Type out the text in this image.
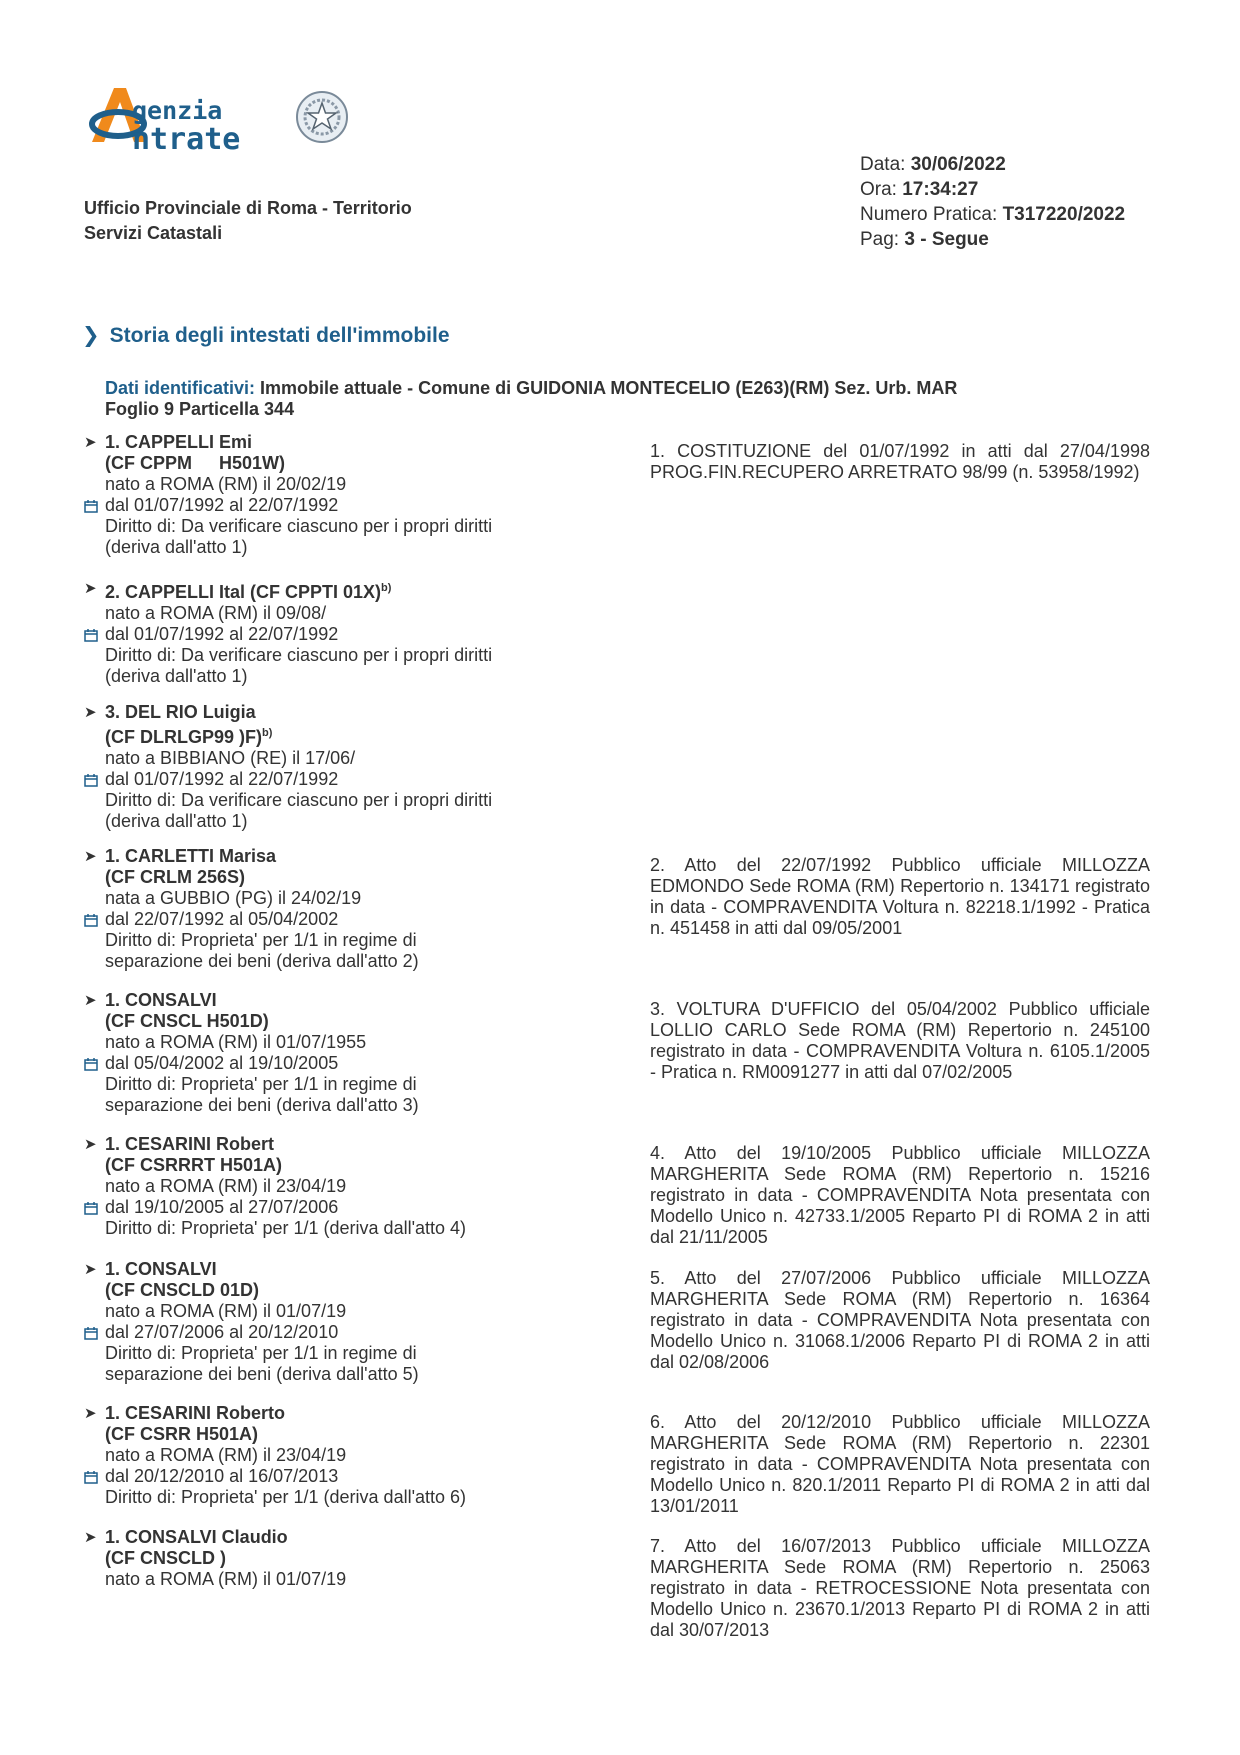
genzia
ntrate
Ufficio Provinciale di Roma - Territorio
Servizi Catastali
Data: 30/06/2022
Ora: 17:34:27
Numero Pratica: T317220/2022
Pag: 3 - Segue
❯ Storia degli intestati dell'immobile
Dati identificativi: Immobile attuale - Comune di GUIDONIA MONTECELIO (E263)(RM) Sez. Urb. MAR
Foglio 9 Particella 344
➤ 1. CAPPELLI Emi
(CF CPPM      H501W)
nato a ROMA (RM) il 20/02/19
dal 01/07/1992 al 22/07/1992
Diritto di: Da verificare ciascuno per i propri diritti
(deriva dall'atto 1)
➤ 2. CAPPELLI Ital (CF CPPTI 01X)$^{b)}$
nato a ROMA (RM) il 09/08/
dal 01/07/1992 al 22/07/1992
Diritto di: Da verificare ciascuno per i propri diritti
(deriva dall'atto 1)
➤ 3. DEL RIO Luigia
(CF DLRLGP99 )F)$^{b)}$
nato a BIBBIANO (RE) il 17/06/
dal 01/07/1992 al 22/07/1992
Diritto di: Da verificare ciascuno per i propri diritti
(deriva dall'atto 1)
➤ 1. CARLETTI Marisa
(CF CRLM 256S)
nata a GUBBIO (PG) il 24/02/19
dal 22/07/1992 al 05/04/2002
Diritto di: Proprieta' per 1/1 in regime di
separazione dei beni (deriva dall'atto 2)
➤ 1. CONSALVI
(CF CNSCL H501D)
nato a ROMA (RM) il 01/07/1955
dal 05/04/2002 al 19/10/2005
Diritto di: Proprieta' per 1/1 in regime di
separazione dei beni (deriva dall'atto 3)
➤ 1. CESARINI Robert
(CF CSRRRT H501A)
nato a ROMA (RM) il 23/04/19
dal 19/10/2005 al 27/07/2006
Diritto di: Proprieta' per 1/1 (deriva dall'atto 4)
➤ 1. CONSALVI
(CF CNSCLD 01D)
nato a ROMA (RM) il 01/07/19
dal 27/07/2006 al 20/12/2010
Diritto di: Proprieta' per 1/1 in regime di
separazione dei beni (deriva dall'atto 5)
➤ 1. CESARINI Roberto
(CF CSRR H501A)
nato a ROMA (RM) il 23/04/19
dal 20/12/2010 al 16/07/2013
Diritto di: Proprieta' per 1/1 (deriva dall'atto 6)
➤ 1. CONSALVI Claudio
(CF CNSCLD )
nato a ROMA (RM) il 01/07/19
1. COSTITUZIONE del 01/07/1992 in atti dal 27/04/1998 PROG.FIN.RECUPERO ARRETRATO 98/99 (n. 53958/1992)
2. Atto del 22/07/1992 Pubblico ufficiale MILLOZZA EDMONDO Sede ROMA (RM) Repertorio n. 134171 registrato in data - COMPRAVENDITA Voltura n. 82218.1/1992 - Pratica n. 451458 in atti dal 09/05/2001
3. VOLTURA D'UFFICIO del 05/04/2002 Pubblico ufficiale LOLLIO CARLO Sede ROMA (RM) Repertorio n. 245100 registrato in data - COMPRAVENDITA Voltura n. 6105.1/2005 - Pratica n. RM0091277 in atti dal 07/02/2005
4. Atto del 19/10/2005 Pubblico ufficiale MILLOZZA MARGHERITA Sede ROMA (RM) Repertorio n. 15216 registrato in data - COMPRAVENDITA Nota presentata con Modello Unico n. 42733.1/2005 Reparto PI di ROMA 2 in atti dal 21/11/2005
5. Atto del 27/07/2006 Pubblico ufficiale MILLOZZA MARGHERITA Sede ROMA (RM) Repertorio n. 16364 registrato in data - COMPRAVENDITA Nota presentata con Modello Unico n. 31068.1/2006 Reparto PI di ROMA 2 in atti dal 02/08/2006
6. Atto del 20/12/2010 Pubblico ufficiale MILLOZZA MARGHERITA Sede ROMA (RM) Repertorio n. 22301 registrato in data - COMPRAVENDITA Nota presentata con Modello Unico n. 820.1/2011 Reparto PI di ROMA 2 in atti dal 13/01/2011
7. Atto del 16/07/2013 Pubblico ufficiale MILLOZZA MARGHERITA Sede ROMA (RM) Repertorio n. 25063 registrato in data - RETROCESSIONE Nota presentata con Modello Unico n. 23670.1/2013 Reparto PI di ROMA 2 in atti dal 30/07/2013
